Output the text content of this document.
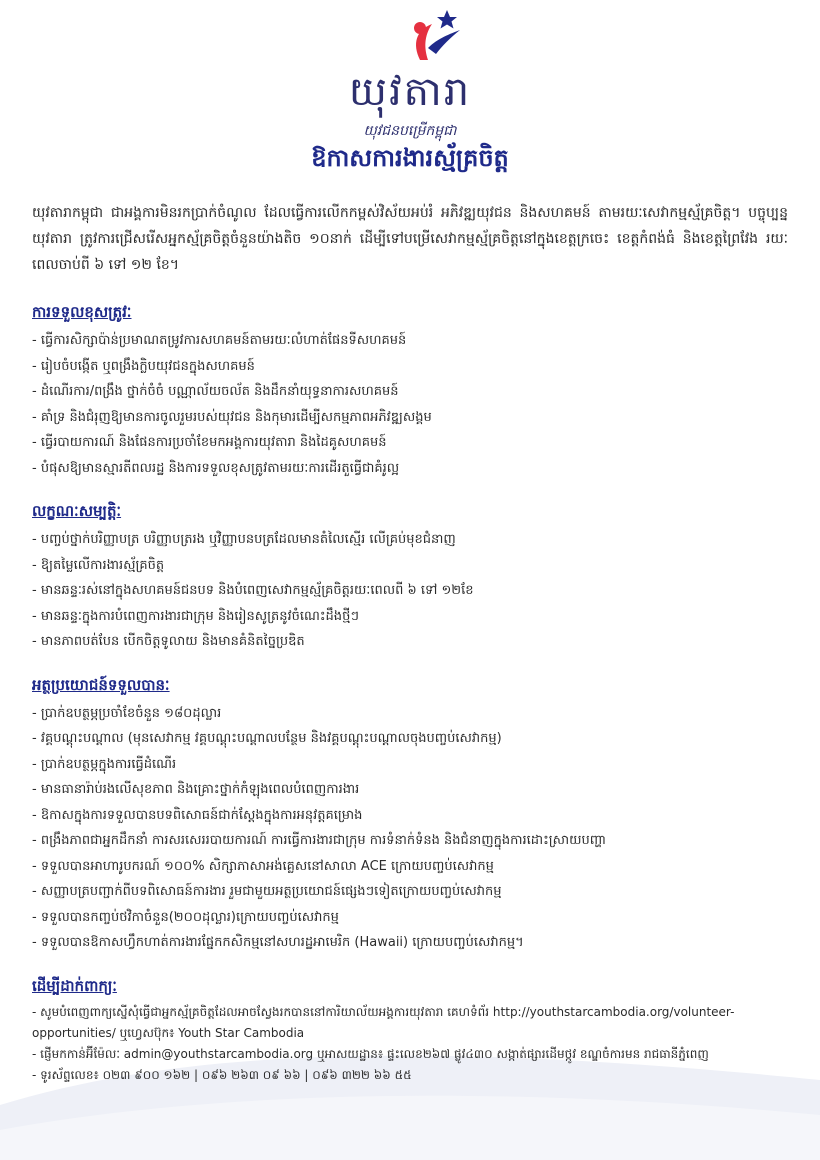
យុវតារា
យុវជនបម្រើកម្ពុជា
ឱកាសការងារស្ម័គ្រចិត្ត

យុវតារាកម្ពុជា ជាអង្គការមិនរកប្រាក់ចំណូល ដែលធ្វើការលើកកម្ពស់វិស័យអប់រំ អភិវឌ្ឍយុវជន និងសហគមន៍ តាមរយៈសេវាកម្មស្ម័គ្រចិត្ត។ បច្ចុប្បន្ន យុវតារា ត្រូវការជ្រើសរើសអ្នកស្ម័គ្រចិត្តចំនួនយ៉ាងតិច ១០នាក់ ដើម្បីទៅបម្រើសេវាកម្មស្ម័គ្រចិត្តនៅក្នុងខេត្តក្រចេះ ខេត្តកំពង់ធំ និងខេត្តព្រៃវែង រយៈពេលចាប់ពី ៦ ទៅ ១២ ខែ។

ការទទួលខុសត្រូវៈ
- ធ្វើការសិក្សាប៉ាន់ប្រមាណតម្រូវការសហគមន៍តាមរយៈលំហាត់ផែនទីសហគមន៍
- រៀបចំបង្កើត ឬពង្រឹងក្លិបយុវជនក្នុងសហគមន៍
- ដំណើរការ/ពង្រឹង ថ្នាក់ចំចំ បណ្ណាល័យចល័ត និងដឹកនាំយុទ្ធនាការសហគមន៍
- គាំទ្រ និងជំរុញឱ្យមានការចូលរួមរបស់យុវជន និងកុមារដើម្បីសកម្មភាពអភិវឌ្ឍសង្គម
- ធ្វើរបាយការណ៍ និងផែនការប្រចាំខែមកអង្គការយុវតារា និងដៃគូសហគមន៍
- បំផុសឱ្យមានស្មារតីពលរដ្ឋ និងការទទួលខុសត្រូវតាមរយៈការដើរតួធ្វើជាគំរូល្អ
លក្ខណៈសម្បត្តិៈ
- បញ្ចប់ថ្នាក់បរិញ្ញាបត្រ បរិញ្ញាបត្ររង ឬវិញ្ញាបនបត្រដែលមានតំលៃស្មើរ លើគ្រប់មុខជំនាញ
- ឱ្យតម្លៃលើការងារស្ម័គ្រចិត្ត
- មានឆន្ទៈរស់នៅក្នុងសហគមន៍ជនបទ និងបំពេញសេវាកម្មស្ម័គ្រចិត្តរយៈពេលពី ៦ ទៅ ១២ខែ
- មានឆន្ទៈក្នុងការបំពេញការងារជាក្រុម និងរៀនសូត្រនូវចំណេះដឹងថ្មីៗ
- មានភាពបត់បែន បើកចិត្តទូលាយ និងមានគំនិតច្នៃប្រឌិត
អត្ថប្រយោជន៍ទទួលបានៈ
- ប្រាក់ឧបត្ថម្ភប្រចាំខែចំនួន ១៨០ដុល្លារ
- វគ្គបណ្តុះបណ្តាល (មុនសេវាកម្ម វគ្គបណ្តុះបណ្តាលបន្ថែម និងវគ្គបណ្តុះបណ្តាលចុងបញ្ចប់សេវាកម្ម)
- ប្រាក់ឧបត្ថម្ភក្នុងការធ្វើដំណើរ
- មានធានារ៉ាប់រងលើសុខភាព និងគ្រោះថ្នាក់កំឡុងពេលបំពេញការងារ
- ឱកាសក្នុងការទទួលបានបទពិសោធន៍ជាក់ស្តែងក្នុងការអនុវត្តគម្រោង
- ពង្រឹងភាពជាអ្នកដឹកនាំ ការសរសេររបាយការណ៍ ការធ្វើការងារជាក្រុម ការទំនាក់ទំនង និងជំនាញក្នុងការដោះស្រាយបញ្ហា
- ទទួលបានអាហារូបករណ៍ ១០០% សិក្សាភាសាអង់គ្លេសនៅសាលា ACE ក្រោយបញ្ចប់សេវាកម្ម
- សញ្ញាបត្របញ្ជាក់ពីបទពិសោធន៍ការងារ រួមជាមួយអត្ថប្រយោជន៍ផ្សេងៗទៀតក្រោយបញ្ចប់សេវាកម្ម
- ទទួលបានកញ្ចប់ថវិកាចំនួន(២០០ដុល្លារ)ក្រោយបញ្ចប់សេវាកម្ម
- ទទួលបានឱកាសហ្វឹកហាត់ការងារផ្នែកកសិកម្មនៅសហរដ្ឋអាមេរិក (Hawaii) ក្រោយបញ្ចប់សេវាកម្ម។
ដើម្បីដាក់ពាក្យៈ
- សូមបំពេញពាក្យស្នើសុំធ្វើជាអ្នកស្ម័គ្រចិត្តដែលអាចស្វែងរកបាននៅការិយាល័យអង្គការយុវតារា គេហទំព័រ http://youthstarcambodia.org/volunteer-opportunities/ ឬហ្វេសប៊ុក៖ Youth Star Cambodia
- ផ្ញើមកកាន់អ៊ីម៉ែលៈ admin@youthstarcambodia.org ឬអាសយដ្ឋាន៖ ផ្ទះលេខ២៦៧ ផ្លូវ៤៣០ សង្កាត់ផ្សារដើមថ្កូវ ខណ្ឌចំការមន រាជធានីភ្នំពេញ
- ទូរស័ព្ទលេខ៖ ០២៣ ៩០០ ១៦២ | ០៩៦ ២៦៣ ០៩ ៦៦ | ០៩៦ ៣២២ ៦៦ ៥៥
